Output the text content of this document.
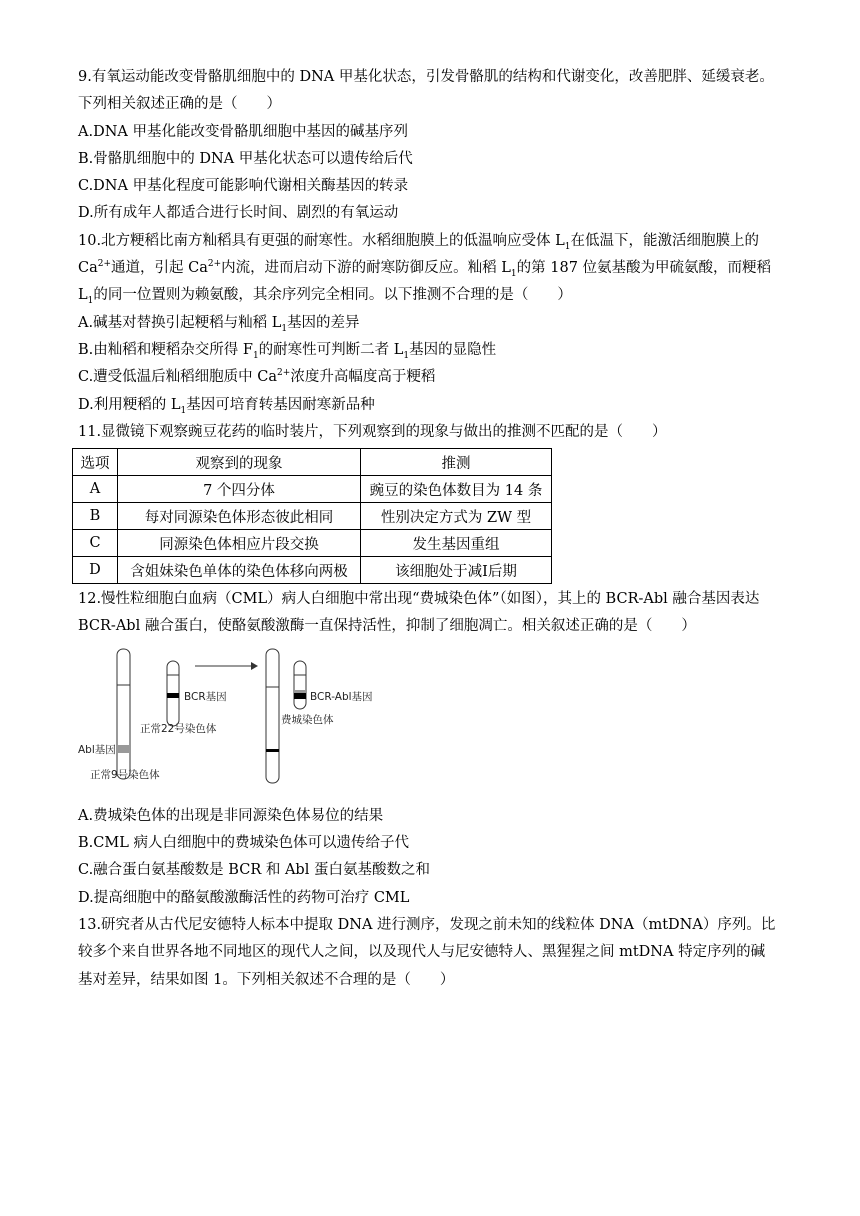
9.有氧运动能改变骨骼肌细胞中的 DNA 甲基化状态，引发骨骼肌的结构和代谢变化，改善肥胖、延缓衰老。
下列相关叙述正确的是（　　）
A.DNA 甲基化能改变骨骼肌细胞中基因的碱基序列
B.骨骼肌细胞中的 DNA 甲基化状态可以遗传给后代
C.DNA 甲基化程度可能影响代谢相关酶基因的转录
D.所有成年人都适合进行长时间、剧烈的有氧运动
10.北方粳稻比南方籼稻具有更强的耐寒性。水稻细胞膜上的低温响应受体 $L_1$在低温下，能激活细胞膜上的
$Ca^{2+}$通道，引起 $Ca^{2+}$内流，进而启动下游的耐寒防御反应。籼稻 $L_1$的第 187 位氨基酸为甲硫氨酸，而粳稻
$L_1$的同一位置则为赖氨酸，其余序列完全相同。以下推测不合理的是（　　）
A.碱基对替换引起粳稻与籼稻 $L_1$基因的差异
B.由籼稻和粳稻杂交所得 $F_1$的耐寒性可判断二者 $L_1$基因的显隐性
C.遭受低温后籼稻细胞质中 $Ca^{2+}$浓度升高幅度高于粳稻
D.利用粳稻的 $L_1$基因可培育转基因耐寒新品种
11.显微镜下观察豌豆花药的临时装片，下列观察到的现象与做出的推测不匹配的是（　　）
选项	观察到的现象	推测
A	7 个四分体	豌豆的染色体数目为 14 条
B	每对同源染色体形态彼此相同	性别决定方式为 ZW 型
C	同源染色体相应片段交换	发生基因重组
D	含姐妹染色单体的染色体移向两极	该细胞处于减Ⅰ后期
12.慢性粒细胞白血病（CML）病人白细胞中常出现“费城染色体”（如图），其上的 BCR-Abl 融合基因表达
BCR-Abl 融合蛋白，使酪氨酸激酶一直保持活性，抑制了细胞凋亡。相关叙述正确的是（　　）
BCR基因
正常22号染色体
Abl基因
正常9号染色体
费城染色体
BCR-Abl基因
A.费城染色体的出现是非同源染色体易位的结果
B.CML 病人白细胞中的费城染色体可以遗传给子代
C.融合蛋白氨基酸数是 BCR 和 Abl 蛋白氨基酸数之和
D.提高细胞中的酪氨酸激酶活性的药物可治疗 CML
13.研究者从古代尼安德特人标本中提取 DNA 进行测序，发现之前未知的线粒体 DNA（mtDNA）序列。比
较多个来自世界各地不同地区的现代人之间，以及现代人与尼安德特人、黑猩猩之间 mtDNA 特定序列的碱
基对差异，结果如图 1。下列相关叙述不合理的是（　　）
